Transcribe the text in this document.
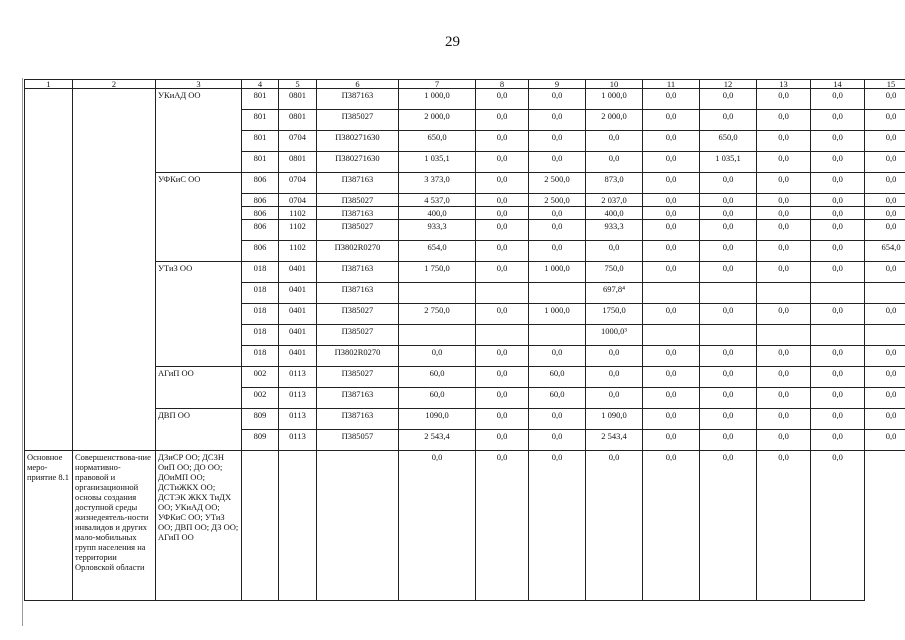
29
1	2	3	4	5	6	7	8	9	10	11	12	13	14	15
		УКиАД ОО	801	0801	П387163	1 000,0	0,0	0,0	1 000,0	0,0	0,0	0,0	0,0	0,0
			801	0801	П385027	2 000,0	0,0	0,0	2 000,0	0,0	0,0	0,0	0,0	0,0
			801	0704	П380271630	650,0	0,0	0,0	0,0	0,0	650,0	0,0	0,0	0,0
			801	0801	П380271630	1 035,1	0,0	0,0	0,0	0,0	1 035,1	0,0	0,0	0,0
		УФКиС ОО	806	0704	П387163	3 373,0	0,0	2 500,0	873,0	0,0	0,0	0,0	0,0	0,0
			806	0704	П385027	4 537,0	0,0	2 500,0	2 037,0	0,0	0,0	0,0	0,0	0,0
			806	1102	П387163	400,0	0,0	0,0	400,0	0,0	0,0	0,0	0,0	0,0
			806	1102	П385027	933,3	0,0	0,0	933,3	0,0	0,0	0,0	0,0	0,0
			806	1102	П3802R0270	654,0	0,0	0,0	0,0	0,0	0,0	0,0	0,0	654,0
		УТиЗ ОО	018	0401	П387163	1 750,0	0,0	1 000,0	750,0	0,0	0,0	0,0	0,0	0,0
			018	0401	П387163				697,8⁴					
			018	0401	П385027	2 750,0	0,0	1 000,0	1750,0	0,0	0,0	0,0	0,0	0,0
			018	0401	П385027				1000,0³					
			018	0401	П3802R0270	0,0	0,0	0,0	0,0	0,0	0,0	0,0	0,0	0,0
		АГиП ОО	002	0113	П385027	60,0	0,0	60,0	0,0	0,0	0,0	0,0	0,0	0,0
			002	0113	П387163	60,0	0,0	60,0	0,0	0,0	0,0	0,0	0,0	0,0
		ДВП ОО	809	0113	П387163	1090,0	0,0	0,0	1 090,0	0,0	0,0	0,0	0,0	0,0
			809	0113	П385057	2 543,4	0,0	0,0	2 543,4	0,0	0,0	0,0	0,0	0,0
Основное меро-приятие 8.1	Совершенствова-ние нормативно-правовой и организационной основы создания доступной среды жизнедеятель-ности инвалидов и других мало-мобильных групп населения на территории Орловской области	ДЗиСР ОО; ДСЗН ОиП ОО; ДО ОО; ДОиМП ОО; ДСТиЖКХ ОО; ДСТЭК ЖКХ ТиДХ ОО; УКиАД ОО; УФКиС ОО; УТиЗ ОО; ДВП ОО; ДЗ ОО; АГиП ОО				0,0	0,0	0,0	0,0	0,0	0,0	0,0	0,0	
